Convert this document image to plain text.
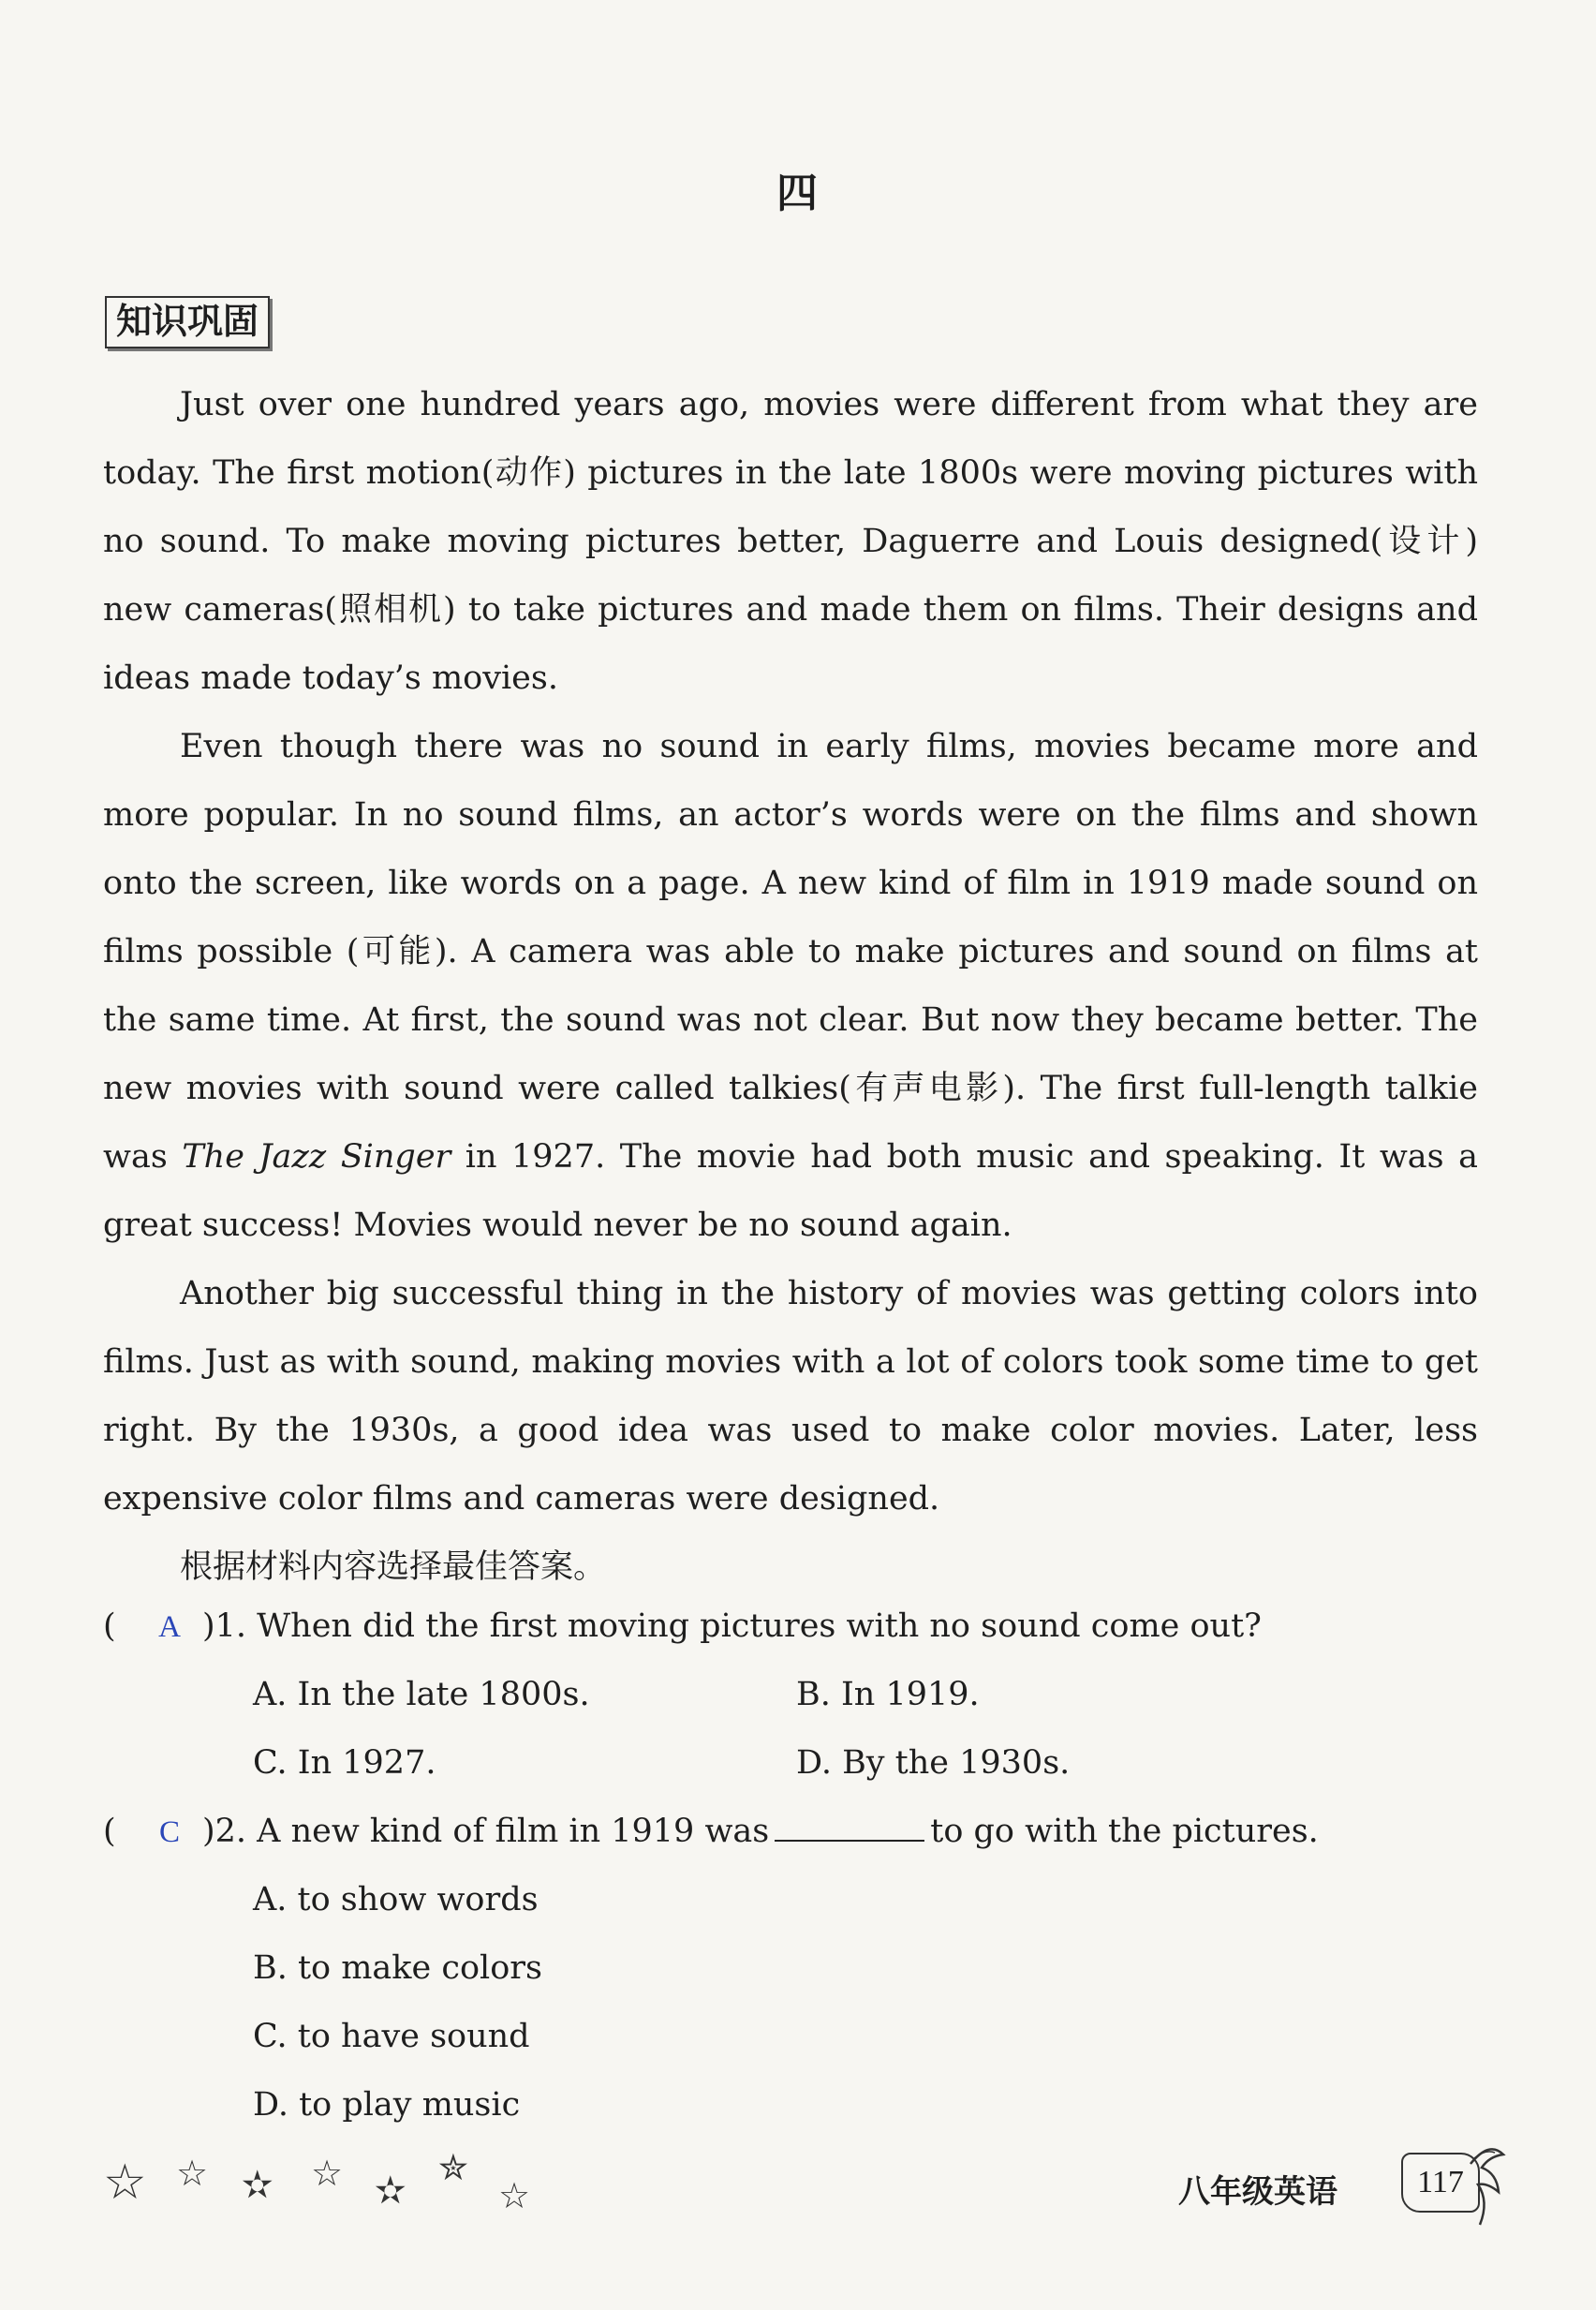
四
知识巩固

Just over one hundred years ago, movies were different from what they are today. The first motion(动作) pictures in the late 1800s were moving pictures with no sound. To make moving pictures better, Daguerre and Louis designed(设计) new cameras(照相机) to take pictures and made them on films. Their designs and ideas made today’s movies.

Even though there was no sound in early films, movies became more and more popular. In no sound films, an actor’s words were on the films and shown onto the screen, like words on a page. A new kind of film in 1919 made sound on films possible (可能). A camera was able to make pictures and sound on films at the same time. At first, the sound was not clear. But now they became better. The new movies with sound were called talkies(有声电影). The first full-length talkie was The Jazz Singer in 1927. The movie had both music and speaking. It was a great success! Movies would never be no sound again.

Another big successful thing in the history of movies was getting colors into films. Just as with sound, making movies with a lot of colors took some time to get right. By the 1930s, a good idea was used to make color movies. Later, less expensive color films and cameras were designed.

根据材料内容选择最佳答案。
( A )1. When did the first moving pictures with no sound come out?
A. In the late 1800s.	B. In 1919.
C. In 1927.	D. By the 1930s.
( C )2. A new kind of film in 1919 was	to go with the pictures.
A. to show words
B. to make colors
C. to have sound
D. to play music
☆ ☆ ✫ ☆ ✫
✮
☆	八年级英语	117
